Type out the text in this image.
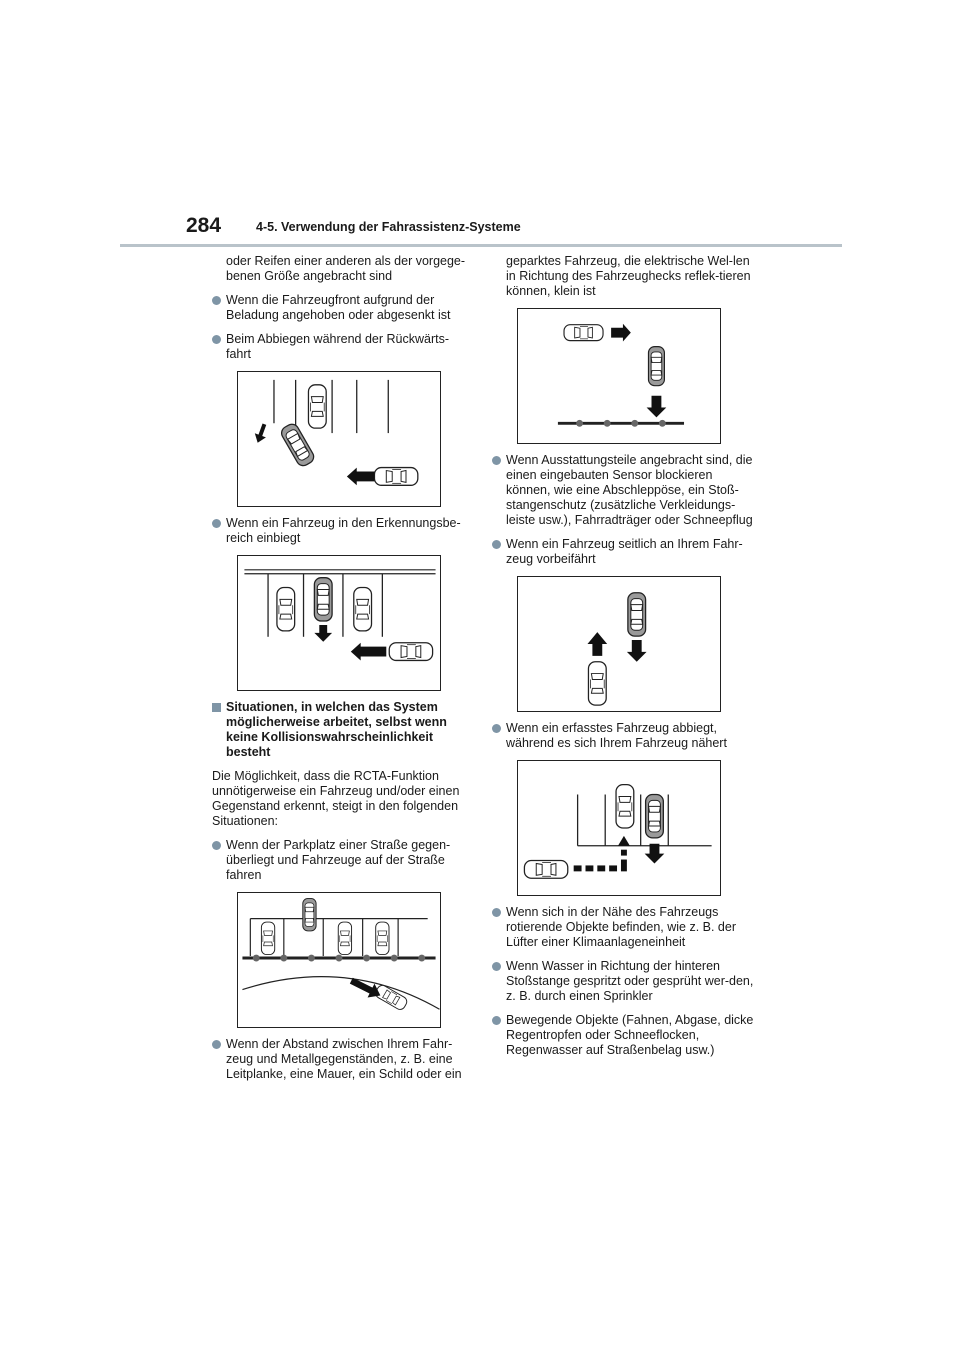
284	4-5. Verwendung der Fahrassistenz-Systeme
oder Reifen einer anderen als der vorgege-benen Größe angebracht sind
Wenn die Fahrzeugfront aufgrund der Beladung angehoben oder abgesenkt ist
Beim Abbiegen während der Rückwärts-fahrt
Wenn ein Fahrzeug in den Erkennungsbe-reich einbiegt
Situationen, in welchen das System möglicherweise arbeitet, selbst wenn keine Kollisionswahrscheinlichkeit besteht
Die Möglichkeit, dass die RCTA-Funktion unnötigerweise ein Fahrzeug und/oder einen Gegenstand erkennt, steigt in den folgenden Situationen:
Wenn der Parkplatz einer Straße gegen-überliegt und Fahrzeuge auf der Straße fahren
Wenn der Abstand zwischen Ihrem Fahr-zeug und Metallgegenständen, z. B. eine Leitplanke, eine Mauer, ein Schild oder ein
geparktes Fahrzeug, die elektrische Wel-len in Richtung des Fahrzeughecks reflek-tieren können, klein ist
Wenn Ausstattungsteile angebracht sind, die einen eingebauten Sensor blockieren können, wie eine Abschleppöse, ein Stoß-stangenschutz (zusätzliche Verkleidungs-leiste usw.), Fahrradträger oder Schneepflug
Wenn ein Fahrzeug seitlich an Ihrem Fahr-zeug vorbeifährt
Wenn ein erfasstes Fahrzeug abbiegt, während es sich Ihrem Fahrzeug nähert
Wenn sich in der Nähe des Fahrzeugs rotierende Objekte befinden, wie z. B. der Lüfter einer Klimaanlageneinheit
Wenn Wasser in Richtung der hinteren Stoßstange gespritzt oder gesprüht wer-den, z. B. durch einen Sprinkler
Bewegende Objekte (Fahnen, Abgase, dicke Regentropfen oder Schneeflocken, Regenwasser auf Straßenbelag usw.)
